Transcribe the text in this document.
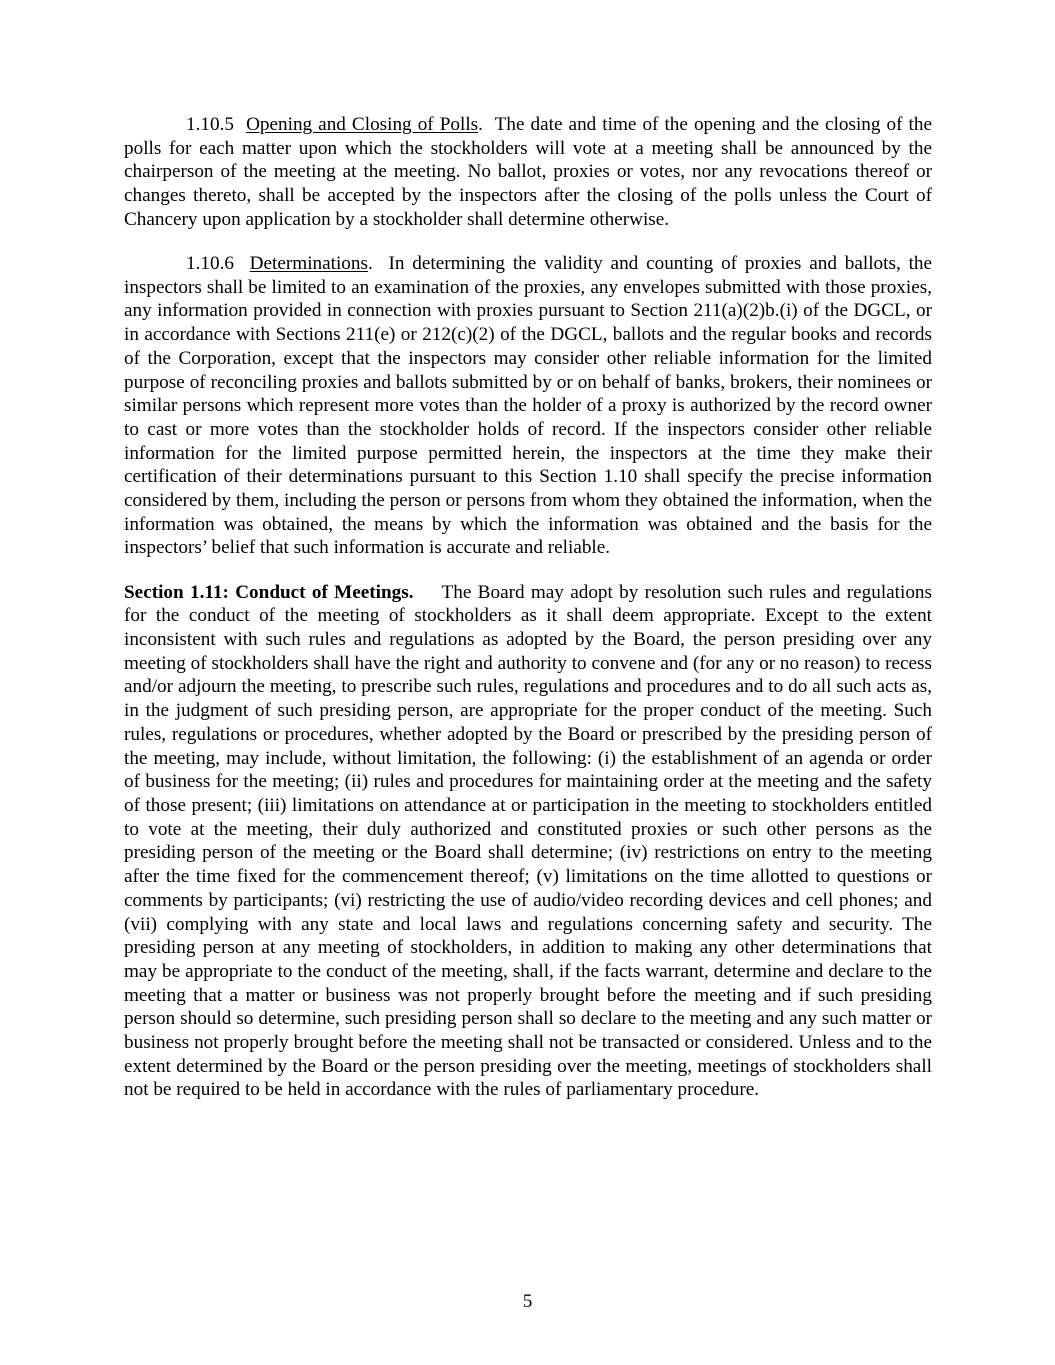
1.10.5 Opening and Closing of Polls. The date and time of the opening and the closing of the polls for each matter upon which the stockholders will vote at a meeting shall be announced by the chairperson of the meeting at the meeting. No ballot, proxies or votes, nor any revocations thereof or changes thereto, shall be accepted by the inspectors after the closing of the polls unless the Court of Chancery upon application by a stockholder shall determine otherwise.

1.10.6 Determinations. In determining the validity and counting of proxies and ballots, the inspectors shall be limited to an examination of the proxies, any envelopes submitted with those proxies, any information provided in connection with proxies pursuant to Section 211(a)(2)b.(i) of the DGCL, or in accordance with Sections 211(e) or 212(c)(2) of the DGCL, ballots and the regular books and records of the Corporation, except that the inspectors may consider other reliable information for the limited purpose of reconciling proxies and ballots submitted by or on behalf of banks, brokers, their nominees or similar persons which represent more votes than the holder of a proxy is authorized by the record owner to cast or more votes than the stockholder holds of record. If the inspectors consider other reliable information for the limited purpose permitted herein, the inspectors at the time they make their certification of their determinations pursuant to this Section 1.10 shall specify the precise information considered by them, including the person or persons from whom they obtained the information, when the information was obtained, the means by which the information was obtained and the basis for the inspectors’ belief that such information is accurate and reliable.

Section 1.11: Conduct of Meetings. The Board may adopt by resolution such rules and regulations for the conduct of the meeting of stockholders as it shall deem appropriate. Except to the extent inconsistent with such rules and regulations as adopted by the Board, the person presiding over any meeting of stockholders shall have the right and authority to convene and (for any or no reason) to recess and/or adjourn the meeting, to prescribe such rules, regulations and procedures and to do all such acts as, in the judgment of such presiding person, are appropriate for the proper conduct of the meeting. Such rules, regulations or procedures, whether adopted by the Board or prescribed by the presiding person of the meeting, may include, without limitation, the following: (i) the establishment of an agenda or order of business for the meeting; (ii) rules and procedures for maintaining order at the meeting and the safety of those present; (iii) limitations on attendance at or participation in the meeting to stockholders entitled to vote at the meeting, their duly authorized and constituted proxies or such other persons as the presiding person of the meeting or the Board shall determine; (iv) restrictions on entry to the meeting after the time fixed for the commencement thereof; (v) limitations on the time allotted to questions or comments by participants; (vi) restricting the use of audio/video recording devices and cell phones; and (vii) complying with any state and local laws and regulations concerning safety and security. The presiding person at any meeting of stockholders, in addition to making any other determinations that may be appropriate to the conduct of the meeting, shall, if the facts warrant, determine and declare to the meeting that a matter or business was not properly brought before the meeting and if such presiding person should so determine, such presiding person shall so declare to the meeting and any such matter or business not properly brought before the meeting shall not be transacted or considered. Unless and to the extent determined by the Board or the person presiding over the meeting, meetings of stockholders shall not be required to be held in accordance with the rules of parliamentary procedure.

5
